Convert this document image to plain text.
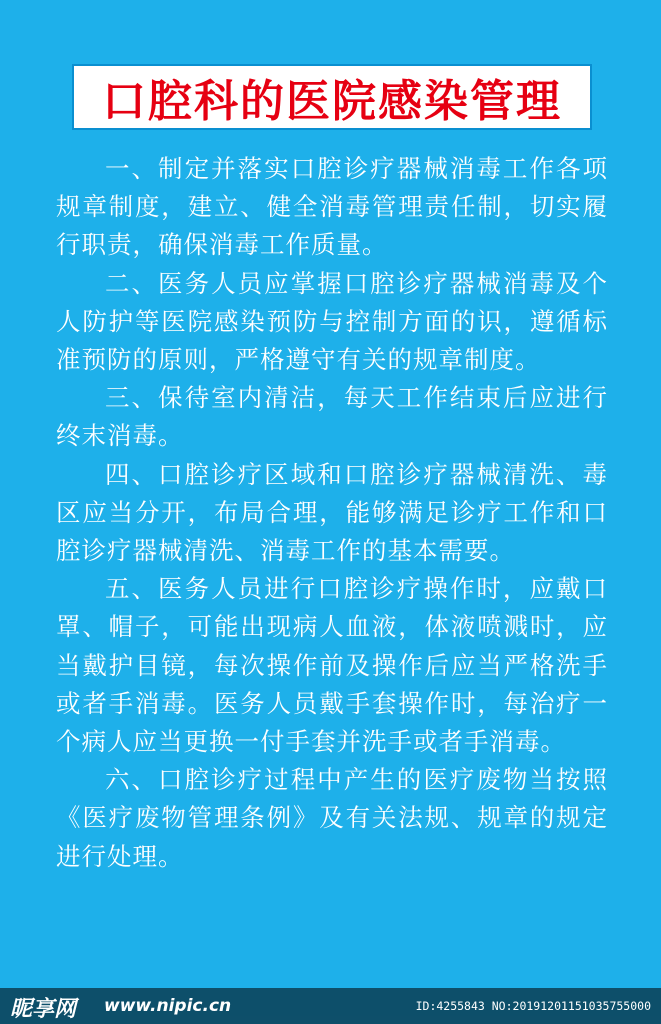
口腔科的医院感染管理

一、制定并落实口腔诊疗器械消毒工作各项规章制度，建立、健全消毒管理责任制，切实履行职责，确保消毒工作质量。

二、医务人员应掌握口腔诊疗器械消毒及个人防护等医院感染预防与控制方面的识，遵循标准预防的原则，严格遵守有关的规章制度。

三、保待室内清洁，每天工作结束后应进行终末消毒。

四、口腔诊疗区域和口腔诊疗器械清洗、毒区应当分开，布局合理，能够满足诊疗工作和口腔诊疗器械清洗、消毒工作的基本需要。

五、医务人员进行口腔诊疗操作时，应戴口罩、帽子，可能出现病人血液，体液喷溅时，应当戴护目镜，每次操作前及操作后应当严格洗手或者手消毒。医务人员戴手套操作时，每治疗一个病人应当更换一付手套并洗手或者手消毒。

六、口腔诊疗过程中产生的医疗废物当按照《医疗废物管理条例》及有关法规、规章的规定进行处理。

昵享网 www.nipic.cn	ID:4255843 NO:20191201151035755000
